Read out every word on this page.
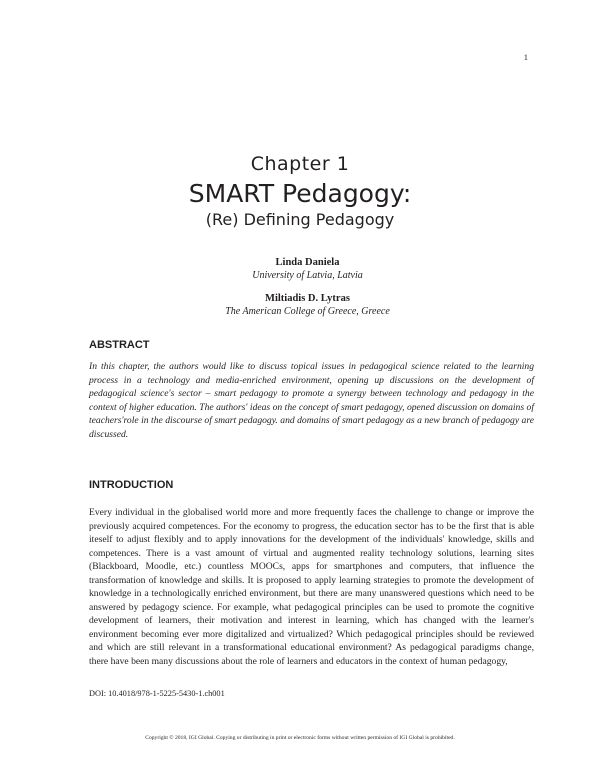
1
Chapter 1
SMART Pedagogy:
(Re) Defining Pedagogy
Linda Daniela
University of Latvia, Latvia
Miltiadis D. Lytras
The American College of Greece, Greece
ABSTRACT

In this chapter, the authors would like to discuss topical issues in pedagogical science related to the learning process in a technology and media-enriched environment, opening up discussions on the development of pedagogical science's sector – smart pedagogy to promote a synergy between technology and pedagogy in the context of higher education. The authors' ideas on the concept of smart pedagogy, opened discussion on domains of teachers'role in the discourse of smart pedagogy. and domains of smart pedagogy as a new branch of pedagogy are discussed.

INTRODUCTION

Every individual in the globalised world more and more frequently faces the challenge to change or improve the previously acquired competences. For the economy to progress, the education sector has to be the first that is able iteself to adjust flexibly and to apply innovations for the development of the individuals' knowledge, skills and competences. There is a vast amount of virtual and augmented reality technology solutions, learning sites (Blackboard, Moodle, etc.) countless MOOCs, apps for smartphones and computers, that influence the transformation of knowledge and skills. It is proposed to apply learning strategies to promote the development of knowledge in a technologically enriched environment, but there are many unanswered questions which need to be answered by pedagogy science. For example, what pedagogical principles can be used to promote the cognitive development of learners, their motivation and interest in learning, which has changed with the learner's environment becoming ever more digitalized and virtualized? Which pedagogical principles should be reviewed and which are still relevant in a transformational educational environment? As pedagogical paradigms change, there have been many discussions about the role of learners and educators in the context of human pedagogy,

DOI: 10.4018/978-1-5225-5430-1.ch001
Copyright © 2018, IGI Global. Copying or distributing in print or electronic forms without written permission of IGI Global is prohibited.
